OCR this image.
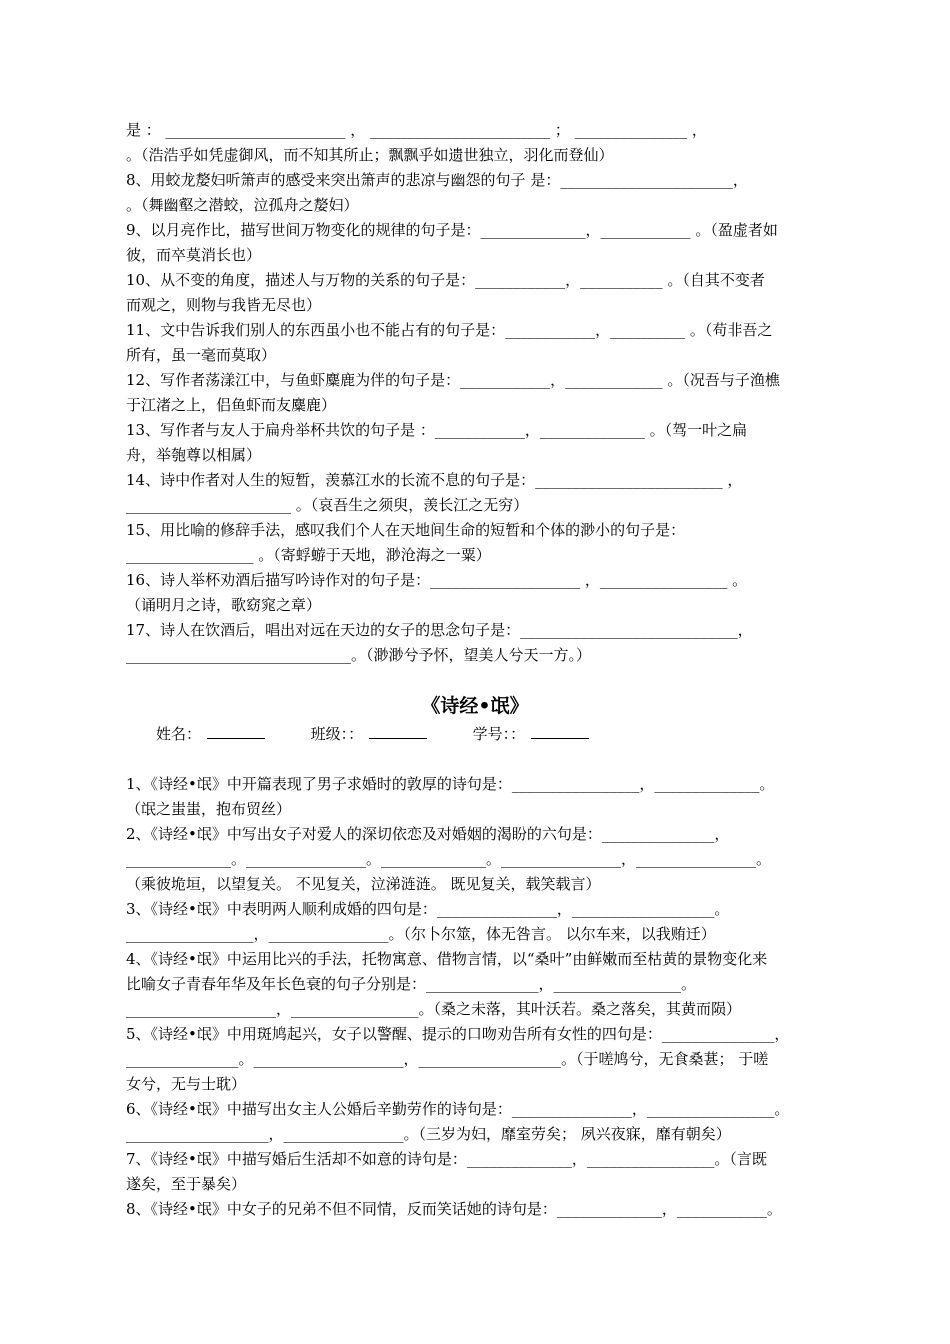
是 ： ________________________ ， ________________________ ； _______________ ，
。（浩浩乎如凭虚御风，而不知其所止；飘飘乎如遗世独立，羽化而登仙）
8、用蛟龙嫠妇听箫声的感受来突出箫声的悲凉与幽怨的句子 是：_______________________，
。（舞幽壑之潜蛟，泣孤舟之嫠妇）
9、以月亮作比，描写世间万物变化的规律的句子是：______________，____________ 。（盈虚者如
彼，而卒莫消长也）
10、从不变的角度，描述人与万物的关系的句子是：____________，___________ 。（自其不变者
而观之，则物与我皆无尽也）
11、文中告诉我们别人的东西虽小也不能占有的句子是：____________，__________ 。（苟非吾之
所有，虽一毫而莫取）
12、写作者荡漾江中，与鱼虾麋鹿为伴的句子是：____________，_____________ 。（况吾与子渔樵
于江渚之上，侣鱼虾而友麋鹿）
13、写作者与友人于扁舟举杯共饮的句子是 ：____________，______________ 。（驾一叶之扁
舟，举匏尊以相属）
14、诗中作者对人生的短暂，羡慕江水的长流不息的句子是：_________________________ ，
______________________ 。（哀吾生之须臾，羡长江之无穷）
15、用比喻的修辞手法，感叹我们个人在天地间生命的短暂和个体的渺小的句子是：
_________________ 。（寄蜉蝣于天地，渺沧海之一粟）
16、诗人举杯劝酒后描写吟诗作对的句子是：____________________ ，_________________ 。
（诵明月之诗，歌窈窕之章）
17、诗人在饮酒后，唱出对远在天边的女子的思念句子是：_____________________________，
______________________________。（渺渺兮予怀，望美人兮天一方。）
《诗经•氓》
姓名：	班级：：	学号：：
1、《诗经•氓》中开篇表现了男子求婚时的敦厚的诗句是：_________________，______________。
（氓之蚩蚩，抱布贸丝）
2、《诗经•氓》中写出女子对爱人的深切依恋及对婚姻的渴盼的六句是：_______________，
______________。________________。______________。________________，________________。
（乘彼垝垣，以望复关。 不见复关，泣涕涟涟。 既见复关，载笑载言）
3、《诗经•氓》中表明两人顺利成婚的四句是：________________，___________________。
_________________，________________。（尔卜尔筮，体无咎言。 以尔车来，以我贿迁）
4、《诗经•氓》中运用比兴的手法，托物寓意、借物言情，以“桑叶”由鲜嫩而至枯黄的景物变化来
比喻女子青春年华及年长色衰的句子分别是：_______________，_________________。
____________________，_________________。（桑之未落，其叶沃若。桑之落矣，其黄而陨）
5、《诗经•氓》中用斑鸠起兴，女子以警醒、提示的口吻劝告所有女性的四句是：_______________，
_______________。____________________，___________________。（于嗟鸠兮，无食桑葚； 于嗟
女兮，无与士耽）
6、《诗经•氓》中描写出女主人公婚后辛勤劳作的诗句是：________________，_________________。
___________________，________________。（三岁为妇，靡室劳矣； 夙兴夜寐，靡有朝矣）
7、《诗经•氓》中描写婚后生活却不如意的诗句是：______________，_________________。（言既
遂矣，至于暴矣）
8、《诗经•氓》中女子的兄弟不但不同情，反而笑话她的诗句是：______________，____________。
